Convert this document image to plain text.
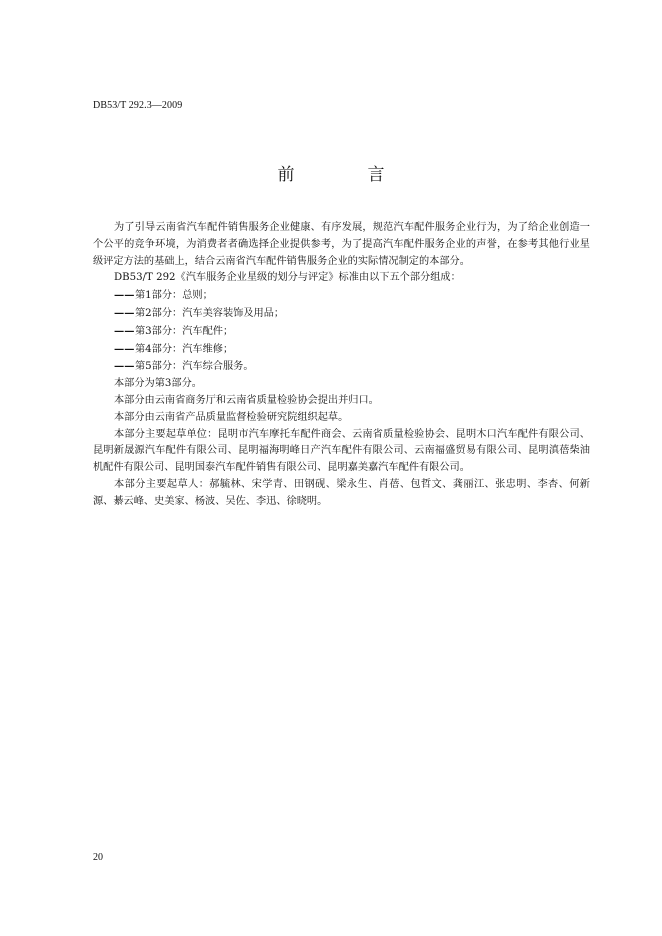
DB53/T 292.3—2009
前　言

为了引导云南省汽车配件销售服务企业健康、有序发展，规范汽车配件服务企业行为，为了给企业创造一个公平的竞争环境，为消费者者确选择企业提供参考，为了提高汽车配件服务企业的声誉，在参考其他行业星级评定方法的基础上，结合云南省汽车配件销售服务企业的实际情况制定的本部分。

DB53/T 292《汽车服务企业星级的划分与评定》标准由以下五个部分组成：

——第1部分：总则；
——第2部分：汽车美容装饰及用品；
——第3部分：汽车配件；
——第4部分：汽车维修；
——第5部分：汽车综合服务。

本部分为第3部分。

本部分由云南省商务厅和云南省质量检验协会提出并归口。

本部分由云南省产品质量监督检验研究院组织起草。

本部分主要起草单位：昆明市汽车摩托车配件商会、云南省质量检验协会、昆明木口汽车配件有限公司、昆明新晟源汽车配件有限公司、昆明福海明峰日产汽车配件有限公司、云南福盛贸易有限公司、昆明滇蓓柴油机配件有限公司、昆明国泰汽车配件销售有限公司、昆明嘉美嘉汽车配件有限公司。

本部分主要起草人：郝毓林、宋学青、田钢砚、梁永生、肖蓓、包哲文、龚丽江、张忠明、李杏、何新源、綦云峰、史美家、杨波、吴佐、李迅、徐晓明。

20
